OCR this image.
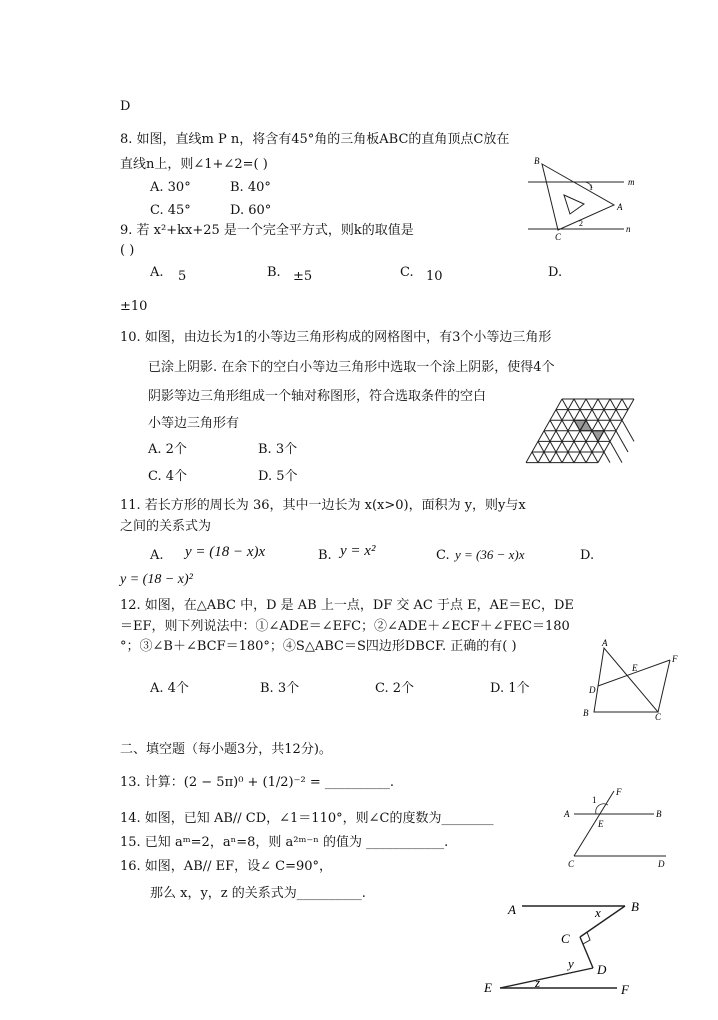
D
8. 如图，直线m P n，将含有45°角的三角板ABC的直角顶点C放在
直线n上，则∠1+∠2=( )
A. 30°	B. 40°
C. 45°	D. 60°
B
m
1
A
2
C
n
9. 若 x²+kx+25 是一个完全平方式，则k的取值是
( )
A. 5	B. ±5	C. 10	D.
±10
10. 如图，由边长为1的小等边三角形构成的网格图中，有3个小等边三角形
已涂上阴影. 在余下的空白小等边三角形中选取一个涂上阴影，使得4个
阴影等边三角形组成一个轴对称图形，符合选取条件的空白
小等边三角形有
A. 2个	B. 3个
C. 4个	D. 5个
11. 若长方形的周长为 36，其中一边长为 x(x>0)，面积为 y，则y与x
之间的关系式为
A. y = (18 − x)x	B. y = x²	C. y = (36 − x)x	D.
y = (18 − x)²
12. 如图，在△ABC 中，D 是 AB 上一点，DF 交 AC 于点 E，AE＝EC，DE
＝EF，则下列说法中：①∠ADE＝∠EFC；②∠ADE＋∠ECF＋∠FEC＝180
°；③∠B＋∠BCF＝180°；④S△ABC＝S四边形DBCF. 正确的有( )
A. 4个	B. 3个	C. 2个	D. 1个
A
F
E
D
B	C
二、填空题（每小题3分，共12分)。
13. 计算：(2 − 5π)⁰ + (1/2)⁻² = __________.
14. 如图，已知 AB// CD，∠1＝110°，则∠C的度数为________
15. 已知 aᵐ=2，aⁿ=8，则 a²ᵐ⁻ⁿ 的值为 ____________.
16. 如图，AB// EF，设∠ C=90°，
那么 x，y，z 的关系式为__________.
F
1
A
E
B
C	D
A	B
x
C
y D
E	z	F
